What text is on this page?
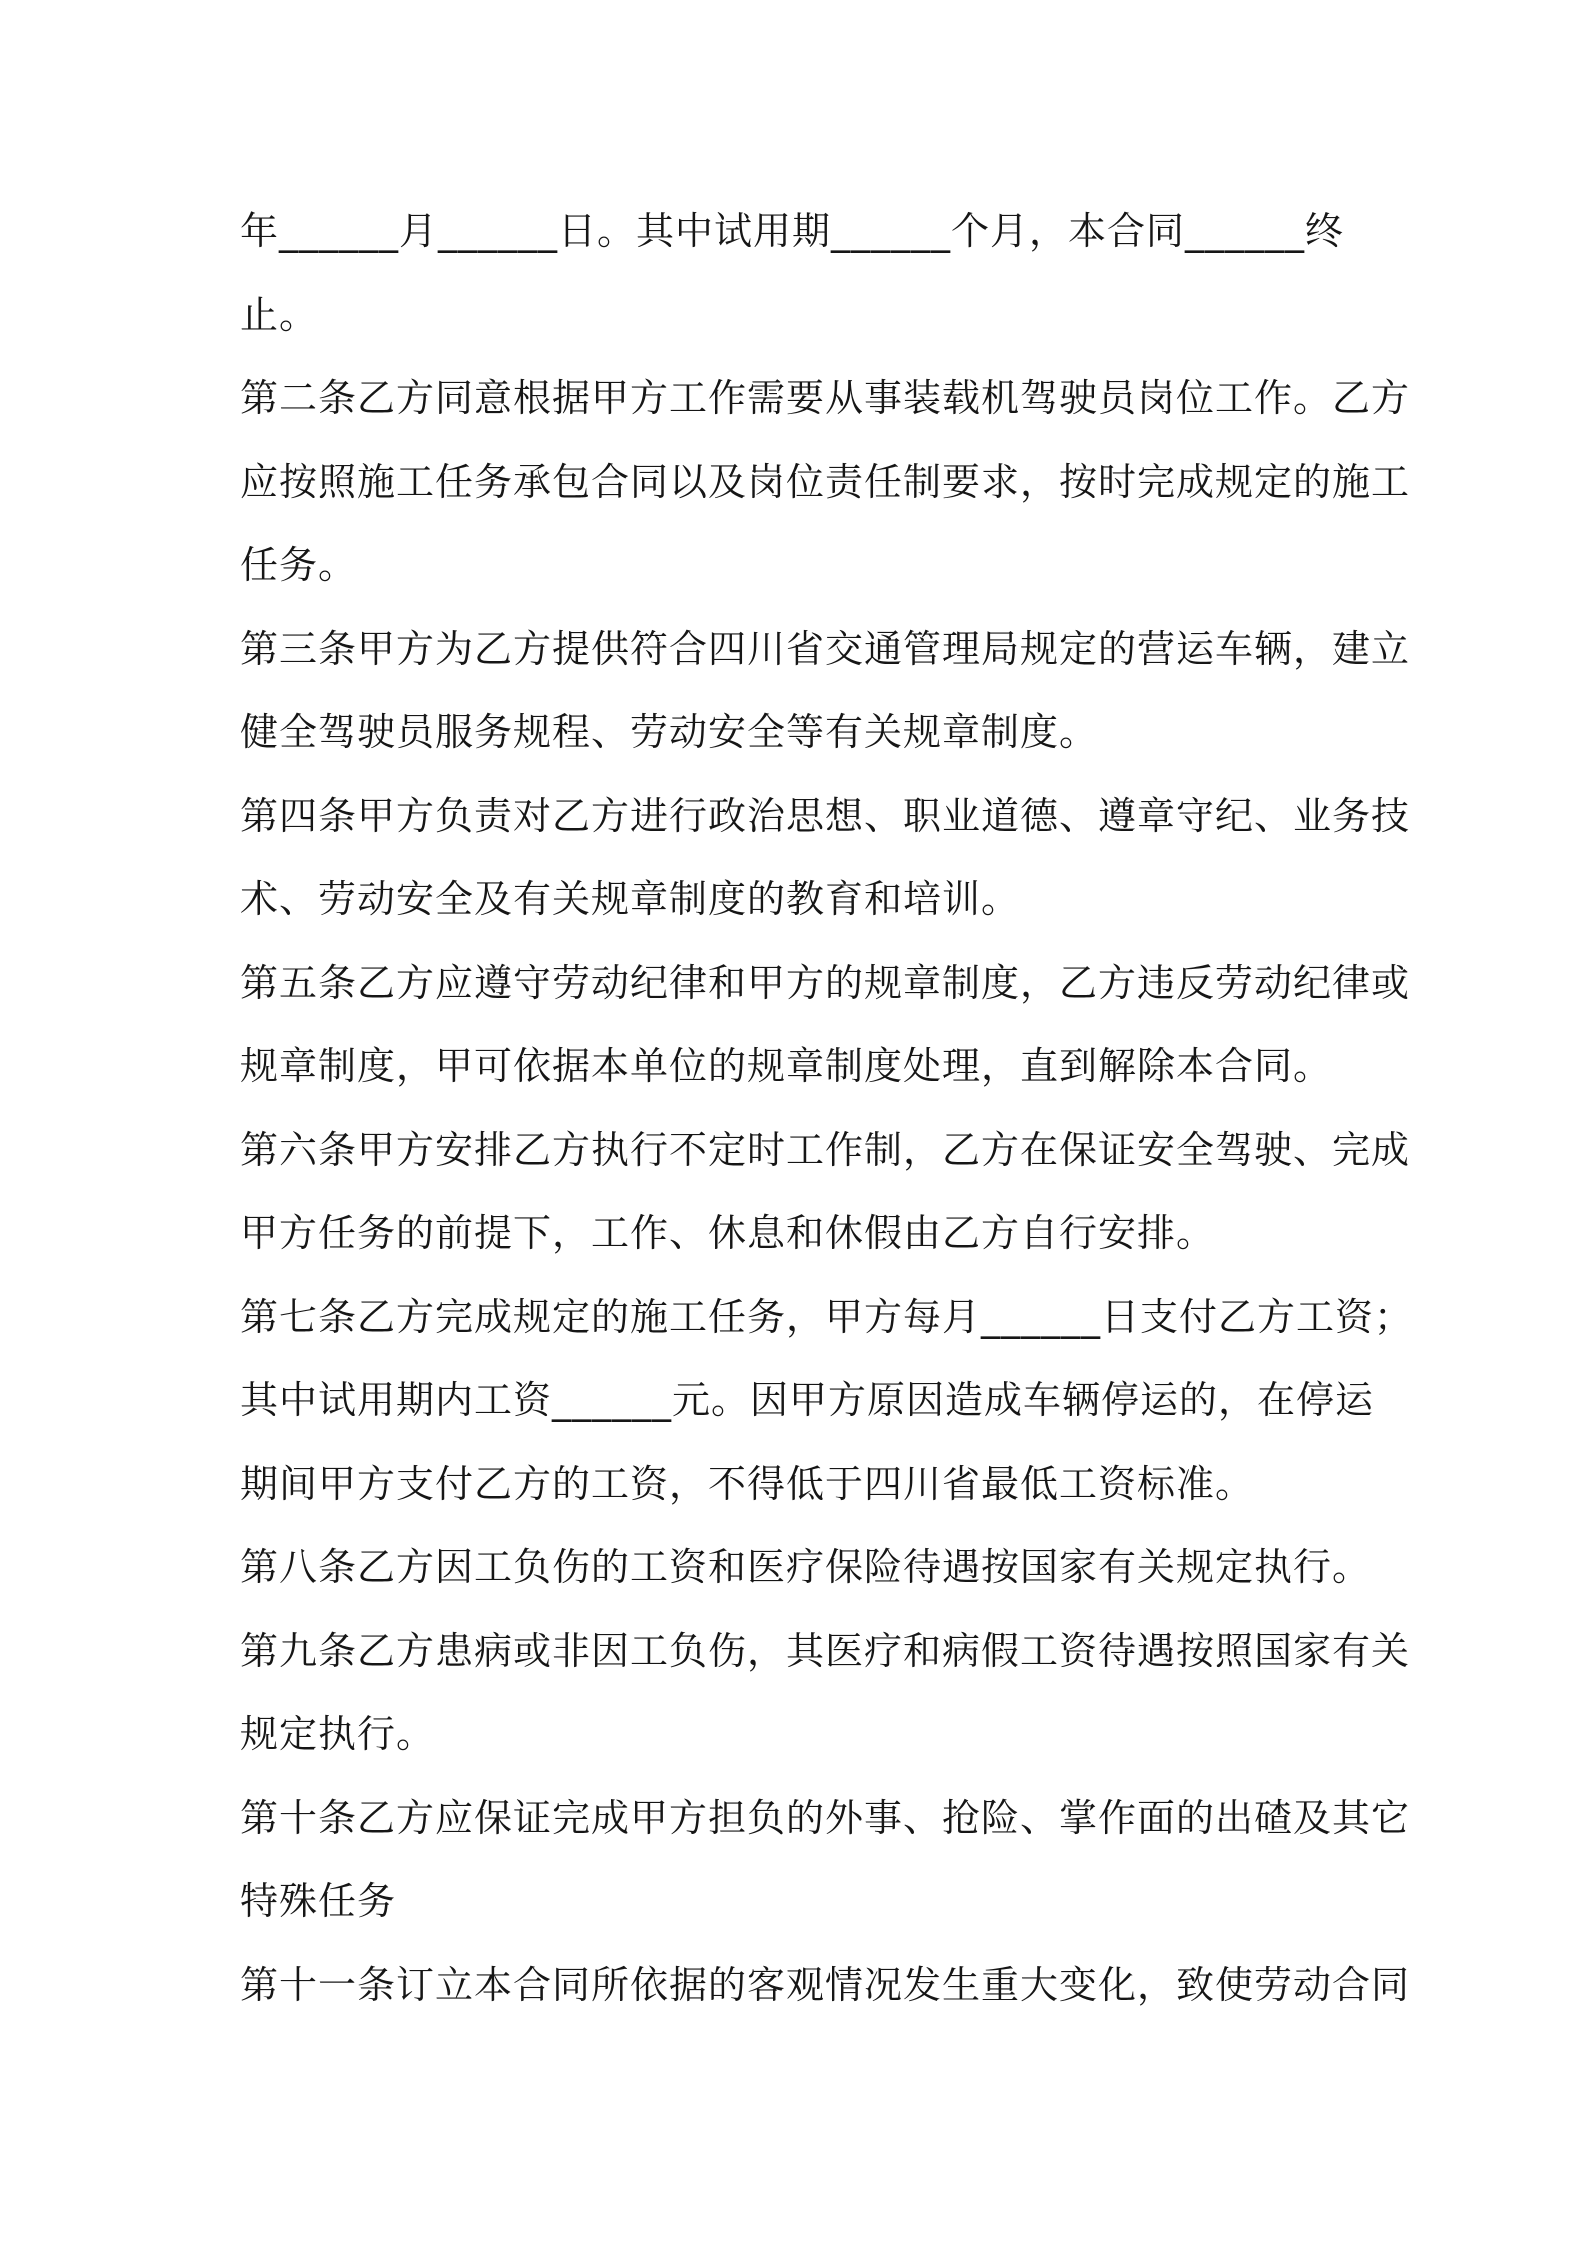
年______月______日。其中试用期______个月，本合同______终
止。
第二条乙方同意根据甲方工作需要从事装载机驾驶员岗位工作。乙方
应按照施工任务承包合同以及岗位责任制要求，按时完成规定的施工
任务。
第三条甲方为乙方提供符合四川省交通管理局规定的营运车辆，建立
健全驾驶员服务规程、劳动安全等有关规章制度。
第四条甲方负责对乙方进行政治思想、职业道德、遵章守纪、业务技
术、劳动安全及有关规章制度的教育和培训。
第五条乙方应遵守劳动纪律和甲方的规章制度，乙方违反劳动纪律或
规章制度，甲可依据本单位的规章制度处理，直到解除本合同。
第六条甲方安排乙方执行不定时工作制，乙方在保证安全驾驶、完成
甲方任务的前提下，工作、休息和休假由乙方自行安排。
第七条乙方完成规定的施工任务，甲方每月______日支付乙方工资；
其中试用期内工资______元。因甲方原因造成车辆停运的，在停运
期间甲方支付乙方的工资，不得低于四川省最低工资标准。
第八条乙方因工负伤的工资和医疗保险待遇按国家有关规定执行。
第九条乙方患病或非因工负伤，其医疗和病假工资待遇按照国家有关
规定执行。
第十条乙方应保证完成甲方担负的外事、抢险、掌作面的出碴及其它
特殊任务
第十一条订立本合同所依据的客观情况发生重大变化，致使劳动合同
